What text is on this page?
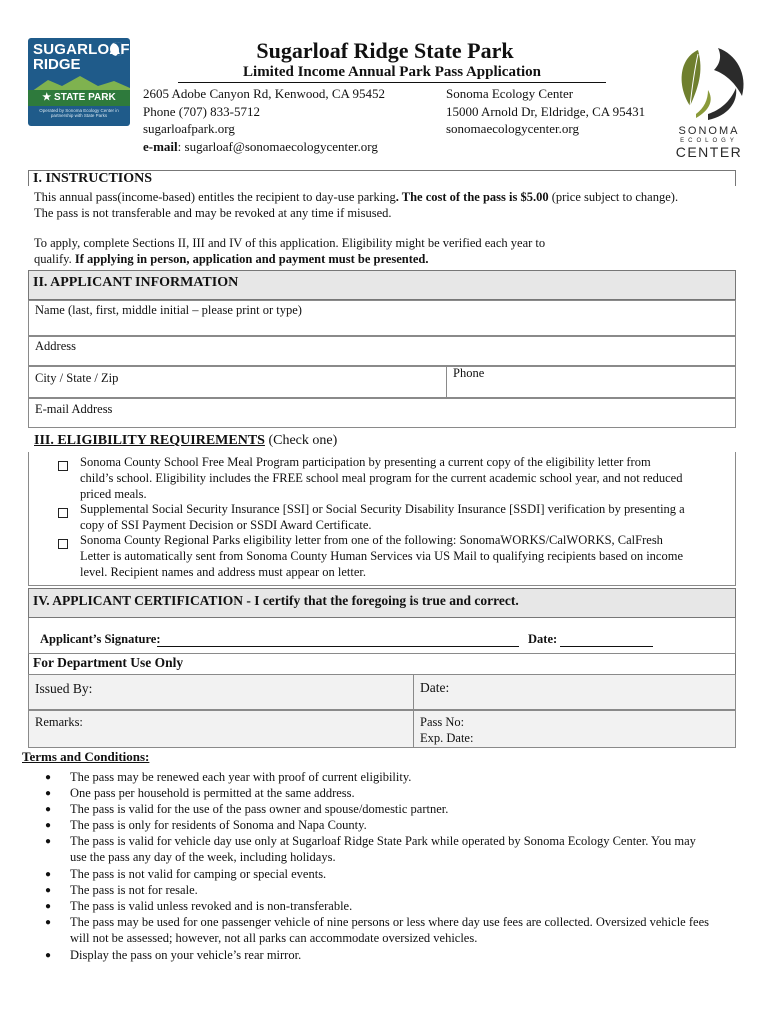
SUGARLOAF
RIDGE
★ STATE PARK
Operated by Sonoma Ecology Center in partnership with State Parks
SONOMA
ECOLOGY
CENTER
Sugarloaf Ridge State Park
Limited Income Annual Park Pass Application
2605 Adobe Canyon Rd, Kenwood, CA 95452
Phone (707) 833-5712
sugarloafpark.org
e-mail: sugarloaf@sonomaecologycenter.org
Sonoma Ecology Center
15000 Arnold Dr, Eldridge, CA 95431
sonomaecologycenter.org
I. INSTRUCTIONS
This annual pass(income-based) entitles the recipient to day-use parking. The cost of the pass is $5.00 (price subject to change).
The pass is not transferable and may be revoked at any time if misused.
To apply, complete Sections II, III and IV of this application. Eligibility might be verified each year to
qualify. If applying in person, application and payment must be presented.
II. APPLICANT INFORMATION
Name (last, first, middle initial – please print or type)
Address
City / State / Zip	Phone
E-mail Address
III. ELIGIBILITY REQUIREMENTS (Check one)
Sonoma County School Free Meal Program participation by presenting a current copy of the eligibility letter from
child’s school. Eligibility includes the FREE school meal program for the current academic school year, and not reduced
priced meals.
Supplemental Social Security Insurance [SSI] or Social Security Disability Insurance [SSDI] verification by presenting a
copy of SSI Payment Decision or SSDI Award Certificate.
Sonoma County Regional Parks eligibility letter from one of the following: SonomaWORKS/CalWORKS, CalFresh
Letter is automatically sent from Sonoma County Human Services via US Mail to qualifying recipients based on income
level. Recipient names and address must appear on letter.
IV. APPLICANT CERTIFICATION - I certify that the foregoing is true and correct.
Applicant’s Signature:	Date:
For Department Use Only
Issued By:	Date:
Remarks:	Pass No:
Exp. Date:
Terms and Conditions:
● The pass may be renewed each year with proof of current eligibility.
● One pass per household is permitted at the same address.
● The pass is valid for the use of the pass owner and spouse/domestic partner.
● The pass is only for residents of Sonoma and Napa County.
● The pass is valid for vehicle day use only at Sugarloaf Ridge State Park while operated by Sonoma Ecology Center. You may
use the pass any day of the week, including holidays.
● The pass is not valid for camping or special events.
● The pass is not for resale.
● The pass is valid unless revoked and is non-transferable.
● The pass may be used for one passenger vehicle of nine persons or less where day use fees are collected. Oversized vehicle fees
will not be assessed; however, not all parks can accommodate oversized vehicles.
● Display the pass on your vehicle’s rear mirror.
